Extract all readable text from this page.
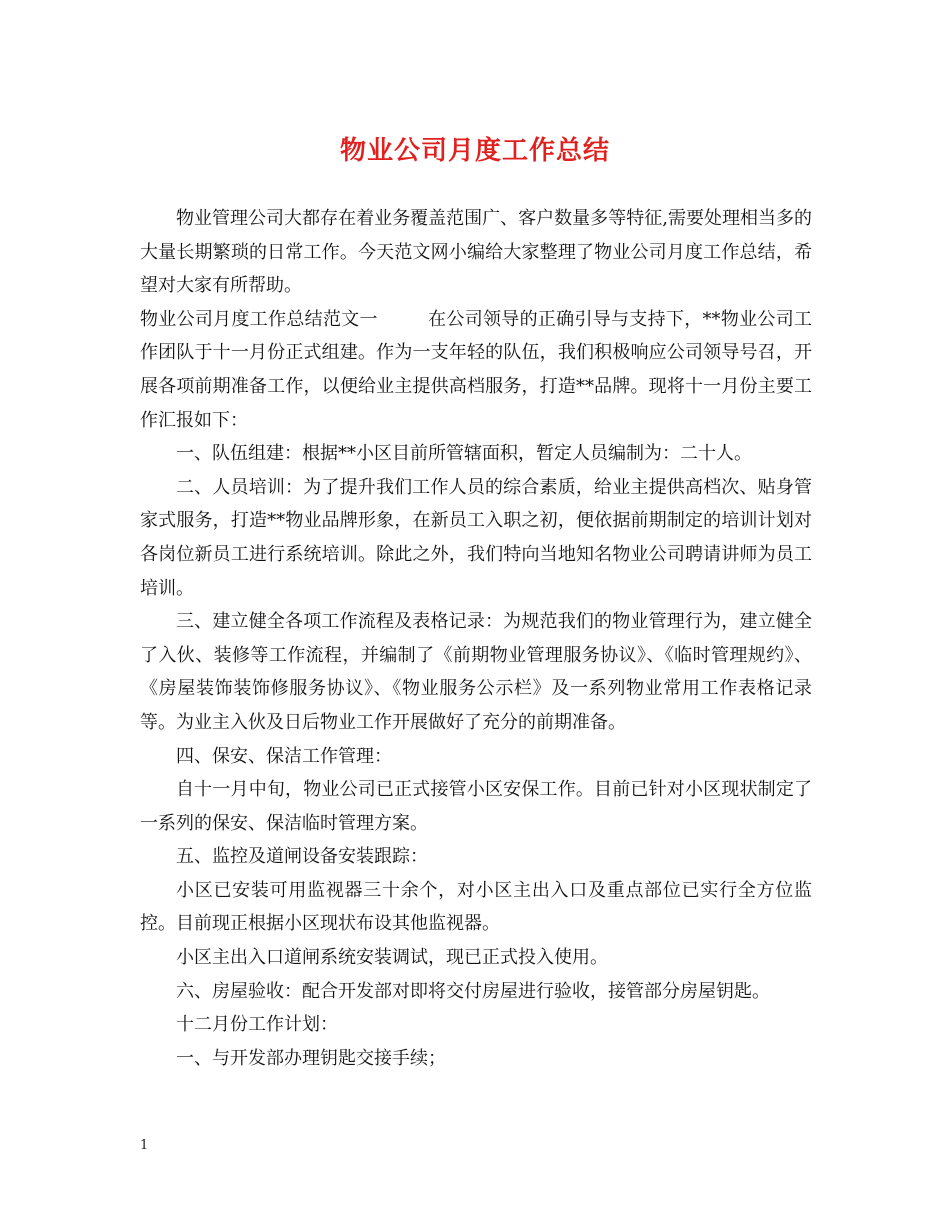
物业公司月度工作总结

物业管理公司大都存在着业务覆盖范围广、客户数量多等特征,需要处理相当多的大量长期繁琐的日常工作。今天范文网小编给大家整理了物业公司月度工作总结，希望对大家有所帮助。

物业公司月度工作总结范文一	在公司领导的正确引导与支持下，**物业公司工作团队于十一月份正式组建。作为一支年轻的队伍，我们积极响应公司领导号召，开展各项前期准备工作，以便给业主提供高档服务，打造**品牌。现将十一月份主要工作汇报如下：

一、队伍组建：根据**小区目前所管辖面积，暂定人员编制为：二十人。

二、人员培训：为了提升我们工作人员的综合素质，给业主提供高档次、贴身管家式服务，打造**物业品牌形象，在新员工入职之初，便依据前期制定的培训计划对各岗位新员工进行系统培训。除此之外，我们特向当地知名物业公司聘请讲师为员工培训。

三、建立健全各项工作流程及表格记录：为规范我们的物业管理行为，建立健全了入伙、装修等工作流程，并编制了《前期物业管理服务协议》、《临时管理规约》、《房屋装饰装饰修服务协议》、《物业服务公示栏》及一系列物业常用工作表格记录等。为业主入伙及日后物业工作开展做好了充分的前期准备。

四、保安、保洁工作管理：

自十一月中旬，物业公司已正式接管小区安保工作。目前已针对小区现状制定了一系列的保安、保洁临时管理方案。

五、监控及道闸设备安装跟踪：

小区已安装可用监视器三十余个，对小区主出入口及重点部位已实行全方位监控。目前现正根据小区现状布设其他监视器。

小区主出入口道闸系统安装调试，现已正式投入使用。

六、房屋验收：配合开发部对即将交付房屋进行验收，接管部分房屋钥匙。

十二月份工作计划：

一、与开发部办理钥匙交接手续；

1
